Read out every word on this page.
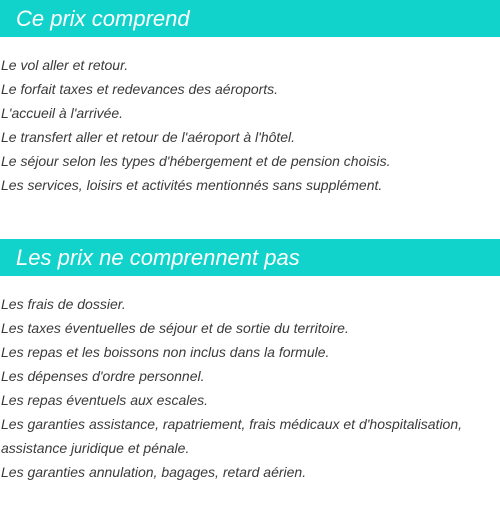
Ce prix comprend
Le vol aller et retour.
Le forfait taxes et redevances des aéroports.
L'accueil à l'arrivée.
Le transfert aller et retour de l'aéroport à l'hôtel.
Le séjour selon les types d'hébergement et de pension choisis.
Les services, loisirs et activités mentionnés sans supplément.
Les prix ne comprennent pas
Les frais de dossier.
Les taxes éventuelles de séjour et de sortie du territoire.
Les repas et les boissons non inclus dans la formule.
Les dépenses d'ordre personnel.
Les repas éventuels aux escales.
Les garanties assistance, rapatriement, frais médicaux et d'hospitalisation, assistance juridique et pénale.
Les garanties annulation, bagages, retard aérien.
